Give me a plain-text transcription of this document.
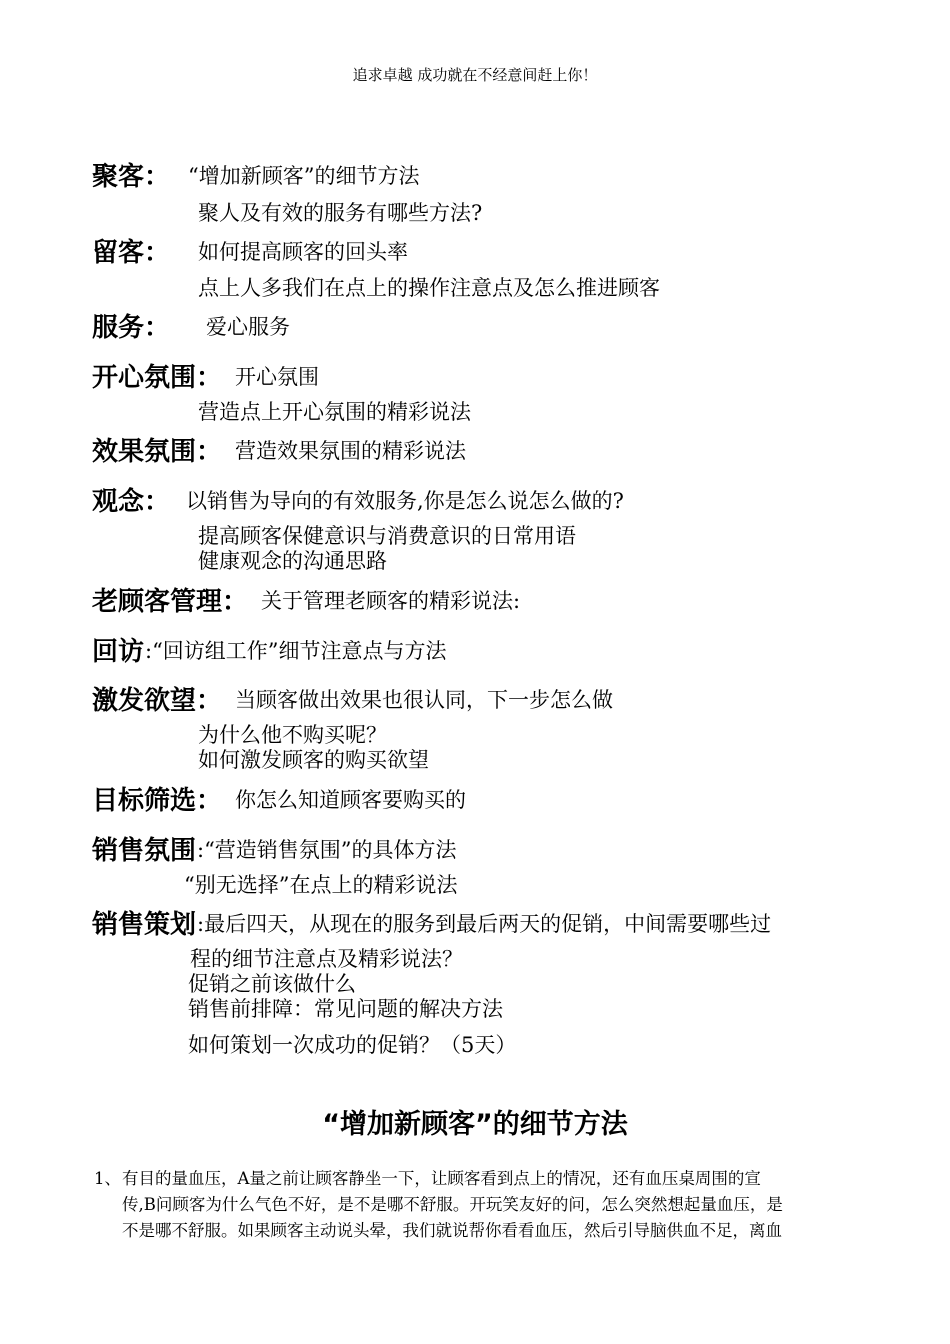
追求卓越 成功就在不经意间赶上你！
聚客： “增加新顾客”的细节方法
聚人及有效的服务有哪些方法?
留客： 如何提高顾客的回头率
点上人多我们在点上的操作注意点及怎么推进顾客
服务： 爱心服务
开心氛围： 开心氛围
营造点上开心氛围的精彩说法
效果氛围： 营造效果氛围的精彩说法
观念： 以销售为导向的有效服务,你是怎么说怎么做的?
提高顾客保健意识与消费意识的日常用语
健康观念的沟通思路
老顾客管理： 关于管理老顾客的精彩说法:
回访 :“回访组工作”细节注意点与方法
激发欲望： 当顾客做出效果也很认同，下一步怎么做
为什么他不购买呢？
如何激发顾客的购买欲望
目标筛选： 你怎么知道顾客要购买的
销售氛围 :“营造销售氛围”的具体方法
“别无选择”在点上的精彩说法
销售策划 :最后四天，从现在的服务到最后两天的促销，中间需要哪些过
程的细节注意点及精彩说法？
促销之前该做什么
销售前排障：常见问题的解决方法
如何策划一次成功的促销？（5天）
“增加新顾客”的细节方法
1、 有目的量血压，A量之前让顾客静坐一下，让顾客看到点上的情况，还有血压桌周围的宣
传,B问顾客为什么气色不好，是不是哪不舒服。开玩笑友好的问，怎么突然想起量血压，是
不是哪不舒服。如果顾客主动说头晕，我们就说帮你看看血压，然后引导脑供血不足，离血
